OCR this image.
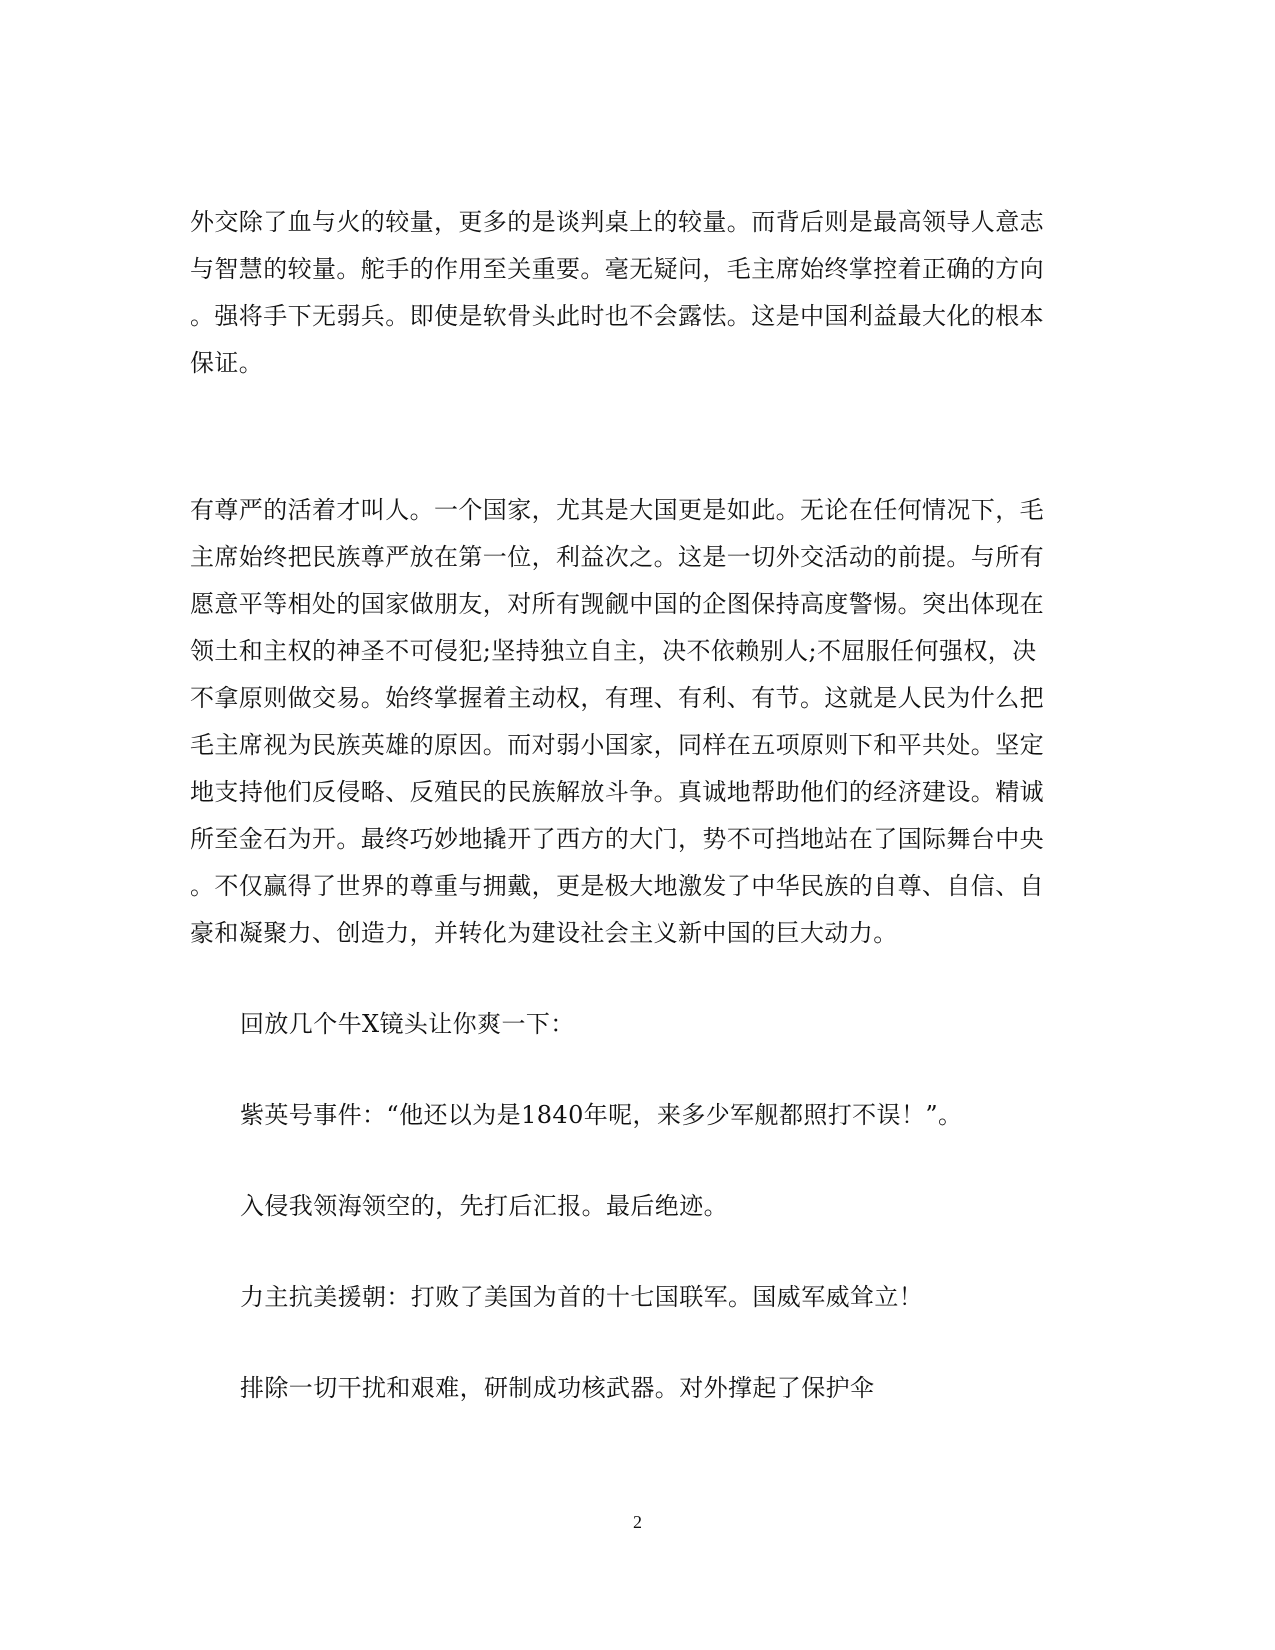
外交除了血与火的较量，更多的是谈判桌上的较量。而背后则是最高领导人意志
与智慧的较量。舵手的作用至关重要。毫无疑问，毛主席始终掌控着正确的方向
。强将手下无弱兵。即使是软骨头此时也不会露怯。这是中国利益最大化的根本
保证。
有尊严的活着才叫人。一个国家，尤其是大国更是如此。无论在任何情况下，毛
主席始终把民族尊严放在第一位，利益次之。这是一切外交活动的前提。与所有
愿意平等相处的国家做朋友，对所有觊觎中国的企图保持高度警惕。突出体现在
领土和主权的神圣不可侵犯;坚持独立自主，决不依赖别人;不屈服任何强权，决
不拿原则做交易。始终掌握着主动权，有理、有利、有节。这就是人民为什么把
毛主席视为民族英雄的原因。而对弱小国家，同样在五项原则下和平共处。坚定
地支持他们反侵略、反殖民的民族解放斗争。真诚地帮助他们的经济建设。精诚
所至金石为开。最终巧妙地撬开了西方的大门，势不可挡地站在了国际舞台中央
。不仅赢得了世界的尊重与拥戴，更是极大地激发了中华民族的自尊、自信、自
豪和凝聚力、创造力，并转化为建设社会主义新中国的巨大动力。
回放几个牛X镜头让你爽一下：
紫英号事件：“他还以为是1840年呢，来多少军舰都照打不误！”。
入侵我领海领空的，先打后汇报。最后绝迹。
力主抗美援朝：打败了美国为首的十七国联军。国威军威耸立！
排除一切干扰和艰难，研制成功核武器。对外撑起了保护伞
2
